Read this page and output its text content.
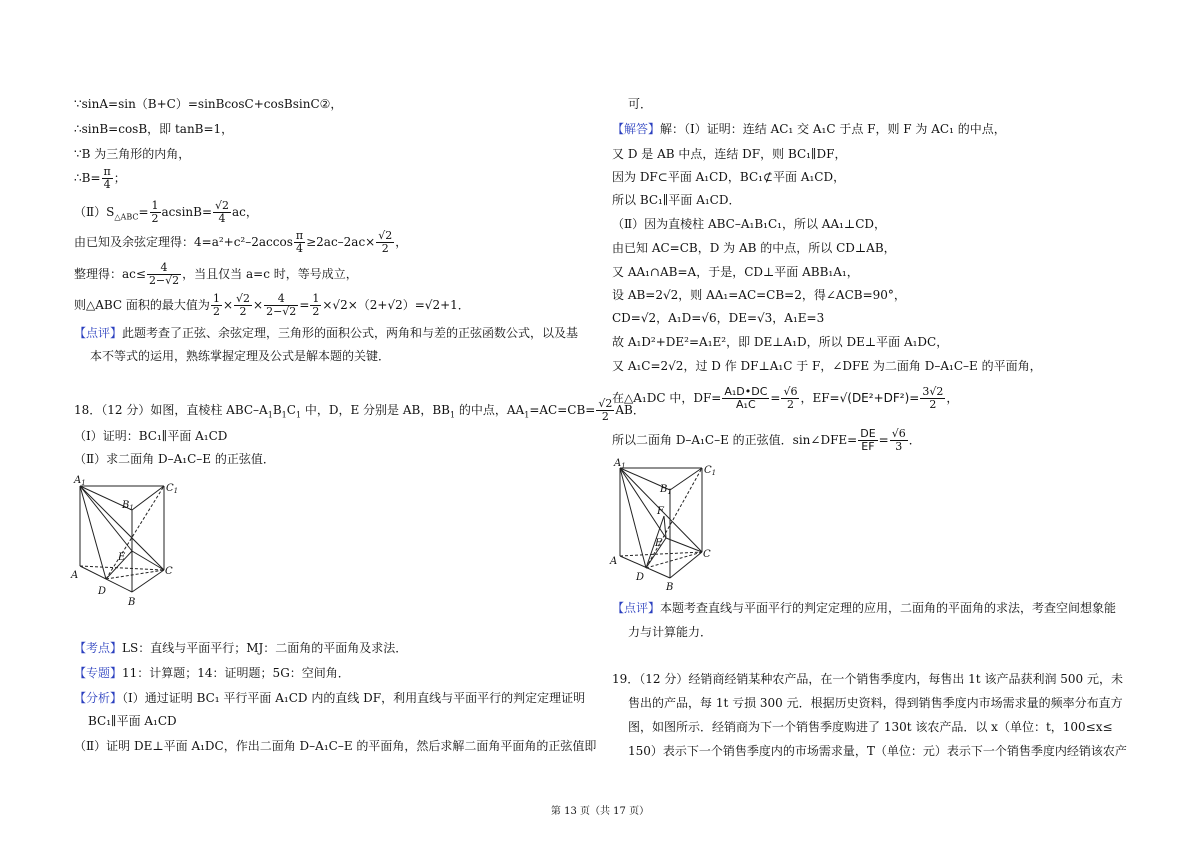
∵sinA=sin（B+C）=sinBcosC+cosBsinC②，
∴sinB=cosB，即 tanB=1，
∵B 为三角形的内角，
∴B= $\frac{\pi}{4}$ ；
$(Ⅱ)S_{\triangle ABC}= \frac{1}{2} acsinB= \frac{√2}{4}$ ac，
由已知及余弦定理得：$4=a^2+c^2-2accos \frac{\pi}{4} \ge 2ac-2ac\times \frac{√2}{2}$ ，
整理得：$ac\le \frac{4}{2-√2}$ ，当且仅当 a=c 时，等号成立，
则△ABC 面积的最大值为 $\frac{1}{2} \times \frac{√2}{2} \times \frac{4}{2-√2} = \frac{1}{2} \times√2\times(2+√2)=√2+1$．
【点评】此题考查了正弦、余弦定理，三角形的面积公式，两角和与差的正弦函数公式，以及基
本不等式的运用，熟练掌握定理及公式是解本题的关键．
18．（12 分）如图，直棱柱 ABC–$A_1B_1C_1$ 中，D，E 分别是 AB，$BB_1$ 的中点，$AA_1=AC=CB= \frac{√2}{2}$ AB．
（Ⅰ）证明：BC₁∥平面 A₁CD
（Ⅱ）求二面角 D–A₁C–E 的正弦值．
$A_1$
$B_1$
$C_1$
A
B
C
D
E
【考点】LS：直线与平面平行；MJ：二面角的平面角及求法．
【专题】11：计算题；14：证明题；5G：空间角．
【分析】（Ⅰ）通过证明 BC₁ 平行平面 A₁CD 内的直线 DF，利用直线与平面平行的判定定理证明
BC₁∥平面 A₁CD
（Ⅱ）证明 DE⊥平面 A₁DC，作出二面角 D–A₁C–E 的平面角，然后求解二面角平面角的正弦值即
可．
【解答】解：（Ⅰ）证明：连结 AC₁ 交 A₁C 于点 F，则 F 为 AC₁ 的中点，
又 D 是 AB 中点，连结 DF，则 BC₁∥DF，
因为 DF⊂平面 A₁CD，BC₁⊄平面 A₁CD，
所以 BC₁∥平面 A₁CD．
（Ⅱ）因为直棱柱 ABC–A₁B₁C₁，所以 AA₁⊥CD，
由已知 AC=CB，D 为 AB 的中点，所以 CD⊥AB，
又 AA₁∩AB=A，于是，CD⊥平面 ABB₁A₁，
设 AB=2√2，则 AA₁=AC=CB=2，得∠ACB=90°，
CD=√2，A₁D=√6，DE=√3，A₁E=3
故 A₁D²+DE²=A₁E²，即 DE⊥A₁D，所以 DE⊥平面 A₁DC，
又 A₁C=2√2，过 D 作 DF⊥A₁C 于 F，∠DFE 为二面角 D–A₁C–E 的平面角，
在△A₁DC 中，$DF= \frac{\text{A₁D•DC}}{\text{A₁C}} = \frac{√6}{2}$ ，$EF=√(DE^2+DF^2)= \frac{3√2}{2}$ ，
所以二面角 D–A₁C–E 的正弦值．sin∠DFE= $\frac{DE}{EF} = \frac{√6}{3}$ ．
$A_1$
$B_1$
$C_1$
A
B
C
D
E
F
【点评】本题考查直线与平面平行的判定定理的应用，二面角的平面角的求法，考查空间想象能
力与计算能力．
19．（12 分）经销商经销某种农产品，在一个销售季度内，每售出 1t 该产品获利润 500 元，未
售出的产品，每 1t 亏损 300 元．根据历史资料，得到销售季度内市场需求量的频率分布直方
图，如图所示．经销商为下一个销售季度购进了 130t 该农产品．以 x（单位：t，100≤x≤
150）表示下一个销售季度内的市场需求量，T（单位：元）表示下一个销售季度内经销该农产
第 13 页（共 17 页）
